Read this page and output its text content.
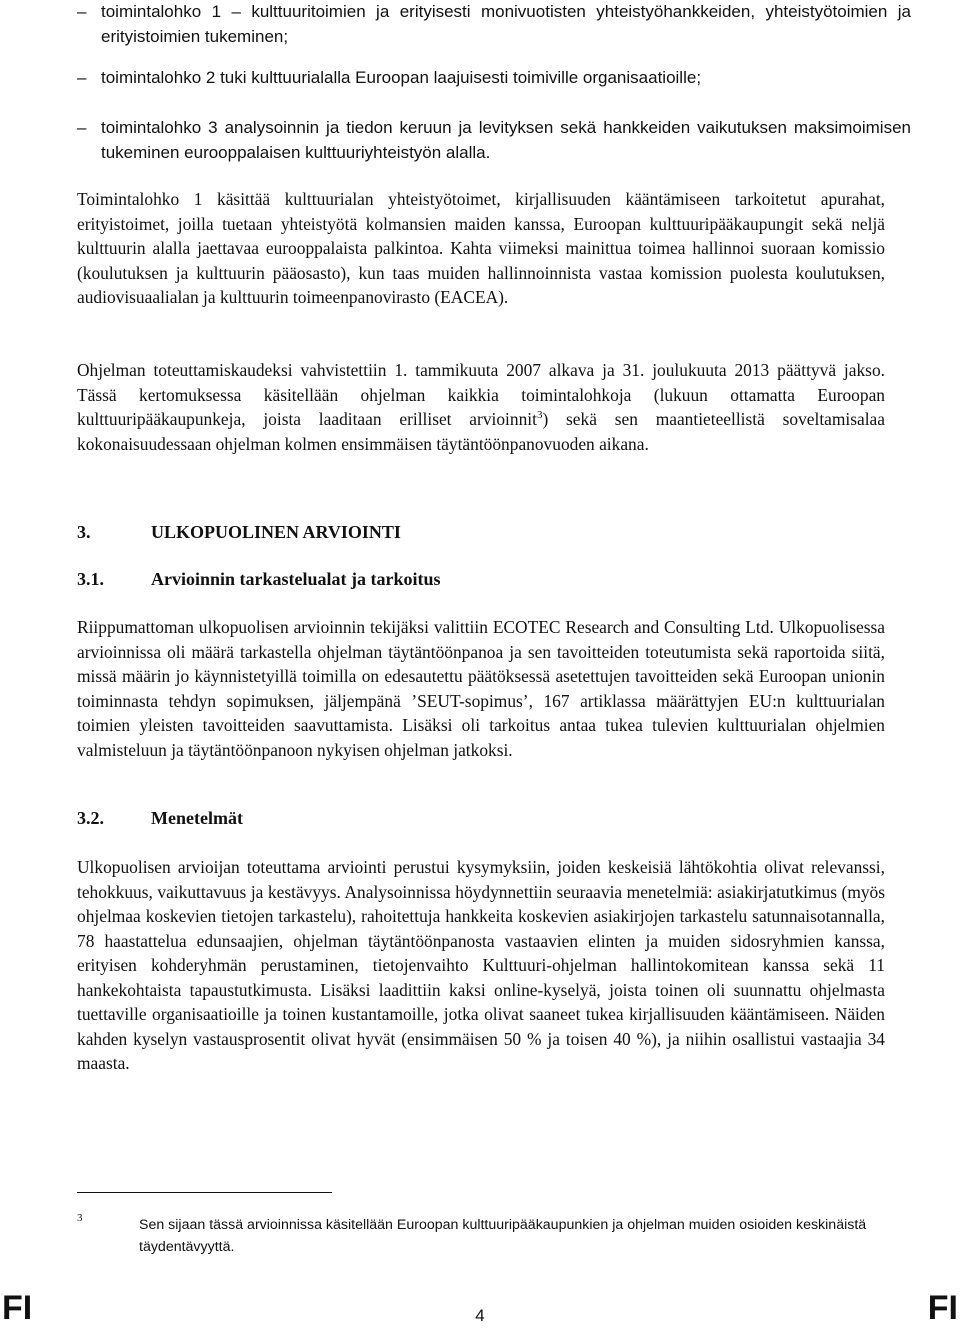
– toimintalohko 1 – kulttuuritoimien ja erityisesti monivuotisten yhteistyöhankkeiden, yhteistyötoimien ja erityistoimien tukeminen;
– toimintalohko 2 tuki kulttuurialalla Euroopan laajuisesti toimiville organisaatioille;
– toimintalohko 3 analysoinnin ja tiedon keruun ja levityksen sekä hankkeiden vaikutuksen maksimoimisen tukeminen eurooppalaisen kulttuuriyhteistyön alalla.

Toimintalohko 1 käsittää kulttuurialan yhteistyötoimet, kirjallisuuden kääntämiseen tarkoitetut apurahat, erityistoimet, joilla tuetaan yhteistyötä kolmansien maiden kanssa, Euroopan kulttuuripääkaupungit sekä neljä kulttuurin alalla jaettavaa eurooppalaista palkintoa. Kahta viimeksi mainittua toimea hallinnoi suoraan komissio (koulutuksen ja kulttuurin pääosasto), kun taas muiden hallinnoinnista vastaa komission puolesta koulutuksen, audiovisuaalialan ja kulttuurin toimeenpanovirasto (EACEA).

Ohjelman toteuttamiskaudeksi vahvistettiin 1. tammikuuta 2007 alkava ja 31. joulukuuta 2013 päättyvä jakso. Tässä kertomuksessa käsitellään ohjelman kaikkia toimintalohkoja (lukuun ottamatta Euroopan kulttuuripääkaupunkeja, joista laaditaan erilliset arvioinnit$^3$) sekä sen maantieteellistä soveltamisalaa kokonaisuudessaan ohjelman kolmen ensimmäisen täytäntöönpanovuoden aikana.

3.	ULKOPUOLINEN ARVIOINTI
3.1.	Arvioinnin tarkastelualat ja tarkoitus

Riippumattoman ulkopuolisen arvioinnin tekijäksi valittiin ECOTEC Research and Consulting Ltd. Ulkopuolisessa arvioinnissa oli määrä tarkastella ohjelman täytäntöönpanoa ja sen tavoitteiden toteutumista sekä raportoida siitä, missä määrin jo käynnistetyillä toimilla on edesautettu päätöksessä asetettujen tavoitteiden sekä Euroopan unionin toiminnasta tehdyn sopimuksen, jäljempänä ’SEUT-sopimus’, 167 artiklassa määrättyjen EU:n kulttuurialan toimien yleisten tavoitteiden saavuttamista. Lisäksi oli tarkoitus antaa tukea tulevien kulttuurialan ohjelmien valmisteluun ja täytäntöönpanoon nykyisen ohjelman jatkoksi.

3.2.	Menetelmät

Ulkopuolisen arvioijan toteuttama arviointi perustui kysymyksiin, joiden keskeisiä lähtökohtia olivat relevanssi, tehokkuus, vaikuttavuus ja kestävyys. Analysoinnissa höydynnettiin seuraavia menetelmiä: asiakirjatutkimus (myös ohjelmaa koskevien tietojen tarkastelu), rahoitettuja hankkeita koskevien asiakirjojen tarkastelu satunnaisotannalla, 78 haastattelua edunsaajien, ohjelman täytäntöönpanosta vastaavien elinten ja muiden sidosryhmien kanssa, erityisen kohderyhmän perustaminen, tietojenvaihto Kulttuuri-ohjelman hallintokomitean kanssa sekä 11 hankekohtaista tapaustutkimusta. Lisäksi laadittiin kaksi online-kyselyä, joista toinen oli suunnattu ohjelmasta tuettaville organisaatioille ja toinen kustantamoille, jotka olivat saaneet tukea kirjallisuuden kääntämiseen. Näiden kahden kyselyn vastausprosentit olivat hyvät (ensimmäisen 50 % ja toisen 40 %), ja niihin osallistui vastaajia 34 maasta.

3	Sen sijaan tässä arvioinnissa käsitellään Euroopan kulttuuripääkaupunkien ja ohjelman muiden osioiden keskinäistä täydentävyyttä.

FI	4	FI
